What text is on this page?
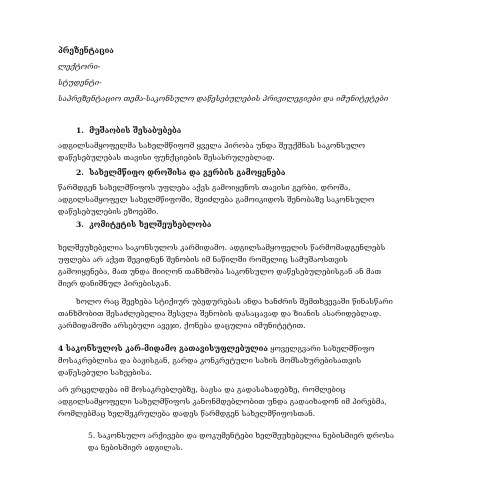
პრეზენტაცია
ლექტორი-
სტუდენტი-
საპრეზენტაციო თემა-საკონსულო დაწესებულების პრივილეგიები და იმუნიტეტები
1.  მუშაობის შესაბუბება
ადგილსამყოფელმა სახელმწიფომ ყველა პირობა უნდა შეუქმნას საკონსულო
დაწესებულებას თავისი ფუნქციების შესასრულებლად.
2.  სახელმწიფო დროშისა და გერბის გამოყენება
წარმდგენ სახელმწიფოს უფლება აქვს გამოიყენოს თავისი გერბი, დროშა,
ადგილსამყოფელ სახელმწიფოში, შეიძლება გამოიკიდოს შენობაზე საკონსულო
დაწესებულების ეზოებში.
3.  კომიტეტის ხელშეუხებლობა
ხელშეუხებელია საკონსულოს კარმიდამო. ადგილსამყოფელის წარმომადგენლებს
უფლება არ აქვთ შევიდნენ შენობის იმ ნაწილში რომელიც სამუშაოსთვის
გამოიყენება, მათ უნდა მიიღონ თანხმობა საკონსულო დაწესებულებისგან ან მათ
მიერ დანიშნულ პირებისგან.
ხოლო რაც შეეხება სტიქიურ უბედურებას ანდა ხანძრის შემთხვევაში წინასწარი
თანხმობით შესაძლებელია შესვლა შენობის დასაცავად და ზიანის ასარიდებლად.
კარმიდამოში არსებული ავეჯი, ქონება დაცულია იმუნიტეტით.
4 საკონსულოს კარ-მიდამო გათავისუფლებულია ყოველგვარი სახელმწიფო
მოსაკრებლისა და ბაჟისგან, გარდა კონკრეტული სახის მომსახურებისათვის
დაწესებული სახეებისა.
არ ვრცელდება იმ მოსაკრებლებზე, ბაჟსა და გადასახადებზე, რომლებიც
ადგილსამყოფელი სახელმწიფოს კანონმდებლობით უნდა გადაიხადონ იმ პირებმა,
რომლებმაც ხელშეკრულება დადეს წარმდგენ სახელმწიფოსთან.
5. საკონსულო არქივები და დოკუმენტები ხელშეუხებელია ნებისმიერ დროსა
და ნებისმიერ ადგილას.
